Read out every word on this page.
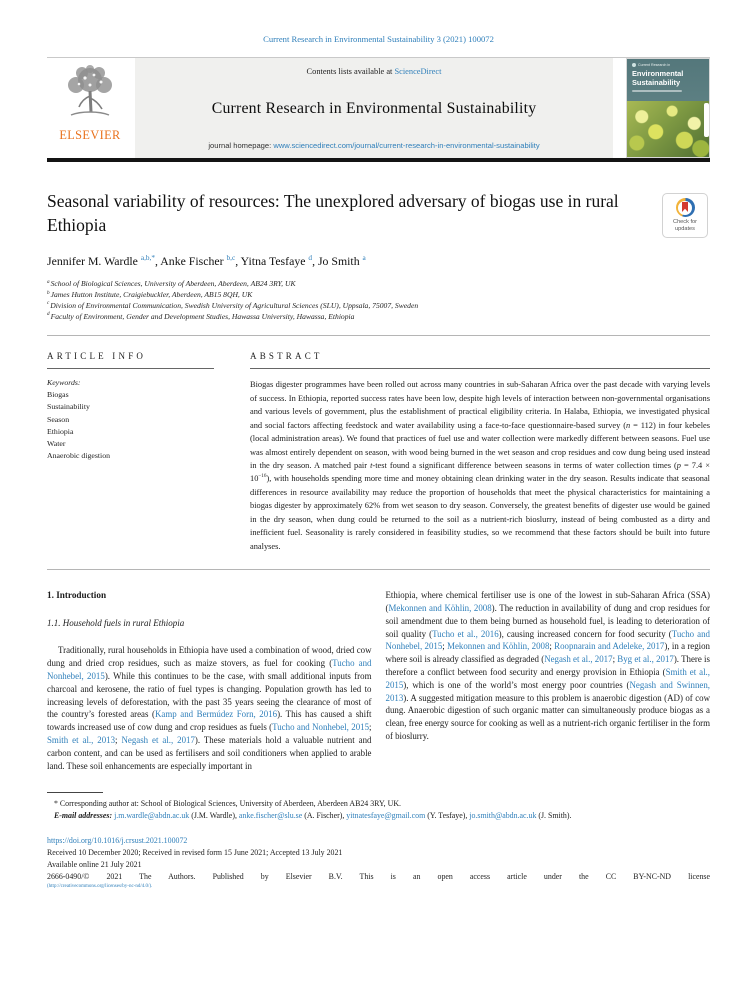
Current Research in Environmental Sustainability 3 (2021) 100072
ELSEVIER
Contents lists available at ScienceDirect
Current Research in Environmental Sustainability
journal homepage: www.sciencedirect.com/journal/current-research-in-environmental-sustainability
Current Research in
Environmental
Sustainability
Seasonal variability of resources: The unexplored adversary of biogas use in rural Ethiopia	Check for
updates
Jennifer M. Wardle $^{a,b,*}$, Anke Fischer $^{b,c}$, Yitna Tesfaye $^d$, Jo Smith $^a$
$^a$School of Biological Sciences, University of Aberdeen, Aberdeen, AB24 3RY, UK
$^b$James Hutton Institute, Craigiebuckler, Aberdeen, AB15 8QH, UK
$^c$Division of Environmental Communication, Swedish University of Agricultural Sciences (SLU), Uppsala, 75007, Sweden
$^d$Faculty of Environment, Gender and Development Studies, Hawassa University, Hawassa, Ethiopia
ARTICLE INFO
Keywords:
Biogas
Sustainability
Season
Ethiopia
Water
Anaerobic digestion
ABSTRACT
Biogas digester programmes have been rolled out across many countries in sub-Saharan Africa over the past decade with varying levels of success. In Ethiopia, reported success rates have been low, despite high levels of interaction between non-governmental organisations and various levels of government, plus the establishment of practical eligibility criteria. In Halaba, Ethiopia, we investigated physical and social factors affecting feedstock and water availability using a face-to-face questionnaire-based survey (n = 112) in four kebeles (local administration areas). We found that practices of fuel use and water collection were markedly different between seasons. Fuel use was almost entirely dependent on season, with wood being burned in the wet season and crop residues and cow dung being used instead in the dry season. A matched pair t-test found a significant difference between seasons in terms of water collection times $(p = 7.4 \times 10^{-16})$, with households spending more time and money obtaining clean drinking water in the dry season. Results indicate that seasonal differences in resource availability may reduce the proportion of households that meet the physical characteristics for maintaining a biogas digester by approximately 62% from wet season to dry season. Conversely, the greatest benefits of digester use would be gained in the dry season, when dung could be returned to the soil as a nutrient-rich bioslurry, instead of being combusted as a dirty and inefficient fuel. Seasonality is rarely considered in feasibility studies, so we recommend that these factors should be built into future analyses.
1. Introduction
1.1. Household fuels in rural Ethiopia
Traditionally, rural households in Ethiopia have used a combination of wood, dried cow dung and dried crop residues, such as maize stovers, as fuel for cooking (Tucho and Nonhebel, 2015). While this continues to be the case, with small additional inputs from charcoal and kerosene, the ratio of fuel types is changing. Population growth has led to increasing levels of deforestation, with the past 35 years seeing the clearance of most of the country’s forested areas (Kamp and Bermúdez Forn, 2016). This has caused a shift towards increased use of cow dung and crop residues as fuels (Tucho and Nonhebel, 2015; Smith et al., 2013; Negash et al., 2017). These materials hold a valuable nutrient and carbon content, and can be used as fertilisers and soil conditioners when applied to arable land. These soil enhancements are especially important in
Ethiopia, where chemical fertiliser use is one of the lowest in sub-Saharan Africa (SSA) (Mekonnen and Köhlin, 2008). The reduction in availability of dung and crop residues for soil amendment due to them being burned as household fuel, is leading to deterioration of soil quality (Tucho et al., 2016), causing increased concern for food security (Tucho and Nonhebel, 2015; Mekonnen and Köhlin, 2008; Roopnarain and Adeleke, 2017), in a region where soil is already classified as degraded (Negash et al., 2017; Byg et al., 2017). There is therefore a conflict between food security and energy provision in Ethiopia (Smith et al., 2015), which is one of the world’s most energy poor countries (Negash and Swinnen, 2013). A suggested mitigation measure to this problem is anaerobic digestion (AD) of cow dung. Anaerobic digestion of such organic matter can simultaneously produce biogas as a clean, free energy source for cooking as well as a nutrient-rich organic fertiliser in the form of bioslurry.
* Corresponding author at: School of Biological Sciences, University of Aberdeen, Aberdeen AB24 3RY, UK.
E-mail addresses: j.m.wardle@abdn.ac.uk (J.M. Wardle), anke.fischer@slu.se (A. Fischer), yitnatesfaye@gmail.com (Y. Tesfaye), jo.smith@abdn.ac.uk (J. Smith).
https://doi.org/10.1016/j.crsust.2021.100072
Received 10 December 2020; Received in revised form 15 June 2021; Accepted 13 July 2021
Available online 21 July 2021
2666-0490/© 2021 The Authors. Published by Elsevier B.V. This is an open access article under the CC BY-NC-ND license
(http://creativecommons.org/licenses/by-nc-nd/4.0/).
